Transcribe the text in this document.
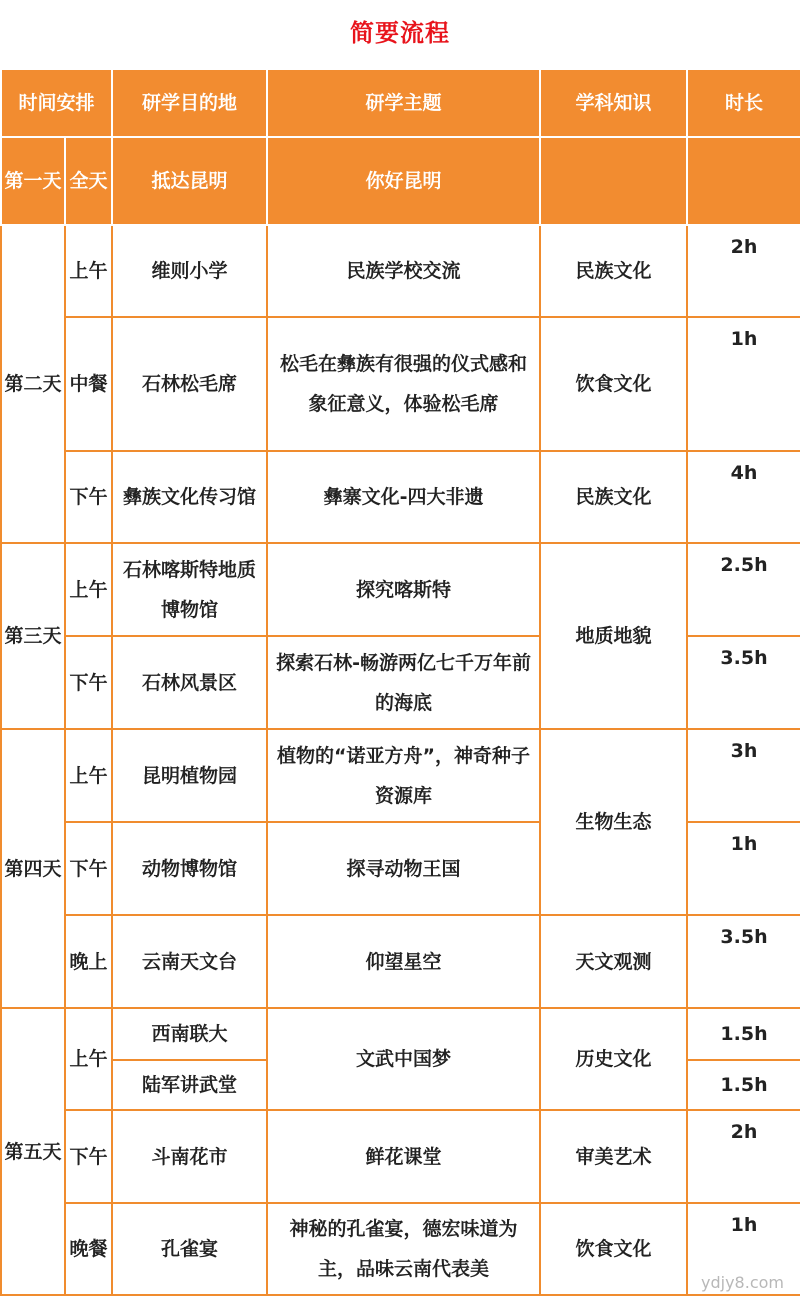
简要流程
时间安排		研学目的地	研学主题	学科知识	时长
第一天	全天	抵达昆明	你好昆明		
第二天	上午	维则小学	民族学校交流	民族文化	2h
	中餐	石林松毛席	松毛在彝族有很强的仪式感和象征意义，体验松毛席	饮食文化	1h
	下午	彝族文化传习馆	彝寨文化-四大非遗	民族文化	4h
第三天	上午	石林喀斯特地质博物馆	探究喀斯特	地质地貌	2.5h
	下午	石林风景区	探索石林-畅游两亿七千万年前的海底		3.5h
第四天	上午	昆明植物园	植物的“诺亚方舟”，神奇种子资源库	生物生态	3h
	下午	动物博物馆	探寻动物王国		1h
	晚上	云南天文台	仰望星空	天文观测	3.5h
第五天	上午	西南联大	文武中国梦	历史文化	1.5h
		陆军讲武堂			1.5h
	下午	斗南花市	鲜花课堂	审美艺术	2h
	晚餐	孔雀宴	神秘的孔雀宴，德宏味道为主，品味云南代表美	饮食文化	1h
ydjy8.com
